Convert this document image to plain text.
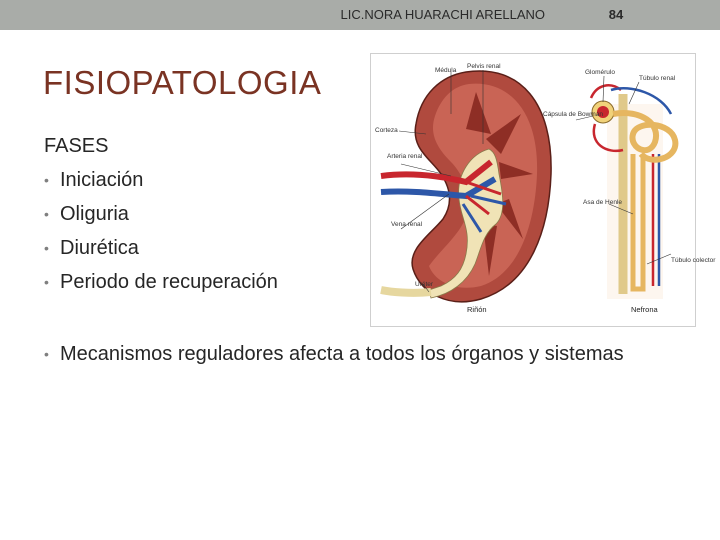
LIC.NORA HUARACHI ARELLANO	84
FISIOPATOLOGIA
FASES
• Iniciación
• Oliguria
• Diurética
• Periodo de recuperación
Médula
Pelvis renal
Glomérulo
Túbulo renal
Cápsula de Bowman
Corteza
Arteria renal
Vena renal
Asa de Henle
Túbulo colector
Uréter
Riñón	Nefrona
• Mecanismos reguladores afecta a todos los órganos y sistemas
